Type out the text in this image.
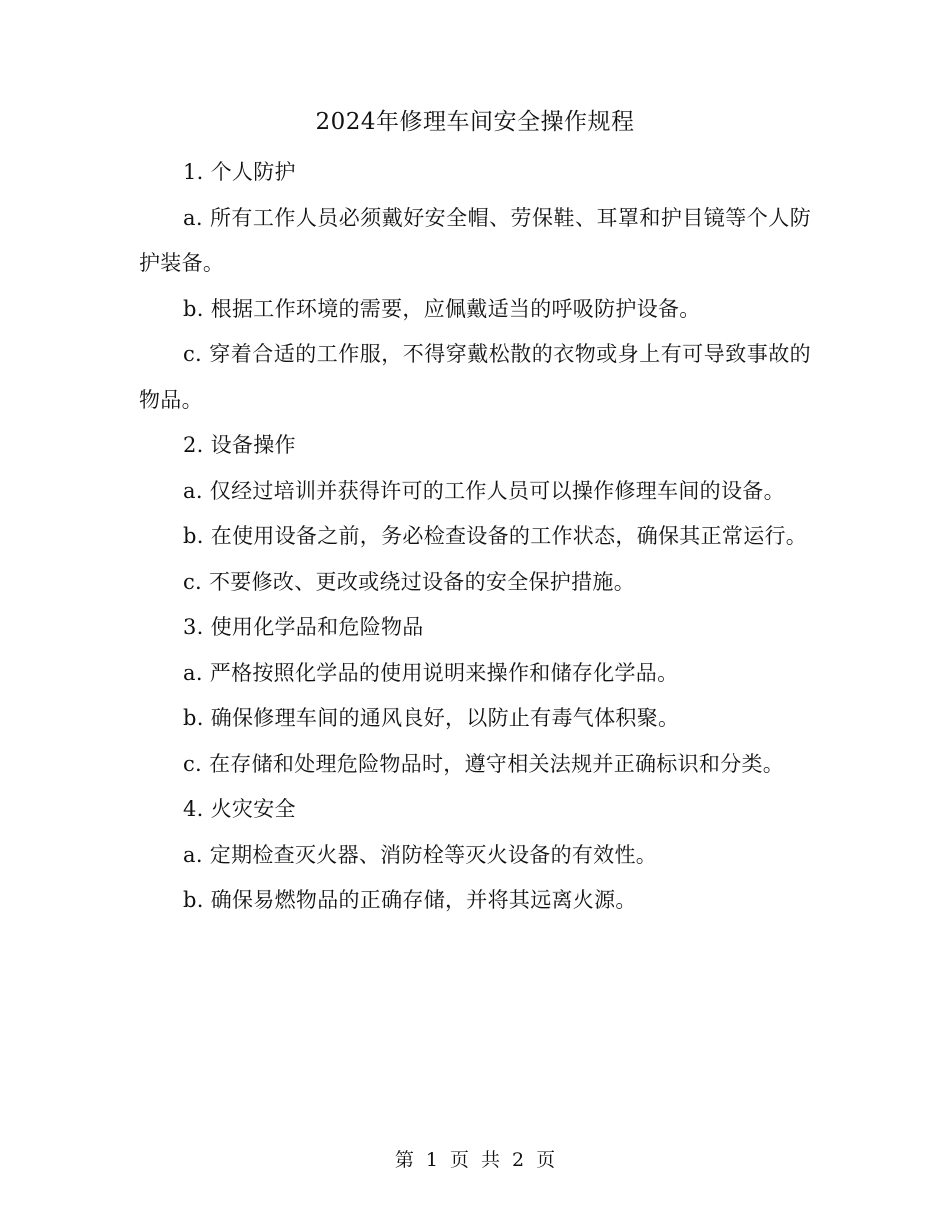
2024年修理车间安全操作规程

1. 个人防护

a. 所有工作人员必须戴好安全帽、劳保鞋、耳罩和护目镜等个人防护装备。

b. 根据工作环境的需要，应佩戴适当的呼吸防护设备。

c. 穿着合适的工作服，不得穿戴松散的衣物或身上有可导致事故的物品。

2. 设备操作

a. 仅经过培训并获得许可的工作人员可以操作修理车间的设备。

b. 在使用设备之前，务必检查设备的工作状态，确保其正常运行。

c. 不要修改、更改或绕过设备的安全保护措施。

3. 使用化学品和危险物品

a. 严格按照化学品的使用说明来操作和储存化学品。

b. 确保修理车间的通风良好，以防止有毒气体积聚。

c. 在存储和处理危险物品时，遵守相关法规并正确标识和分类。

4. 火灾安全

a. 定期检查灭火器、消防栓等灭火设备的有效性。

b. 确保易燃物品的正确存储，并将其远离火源。

第 1 页 共 2 页
